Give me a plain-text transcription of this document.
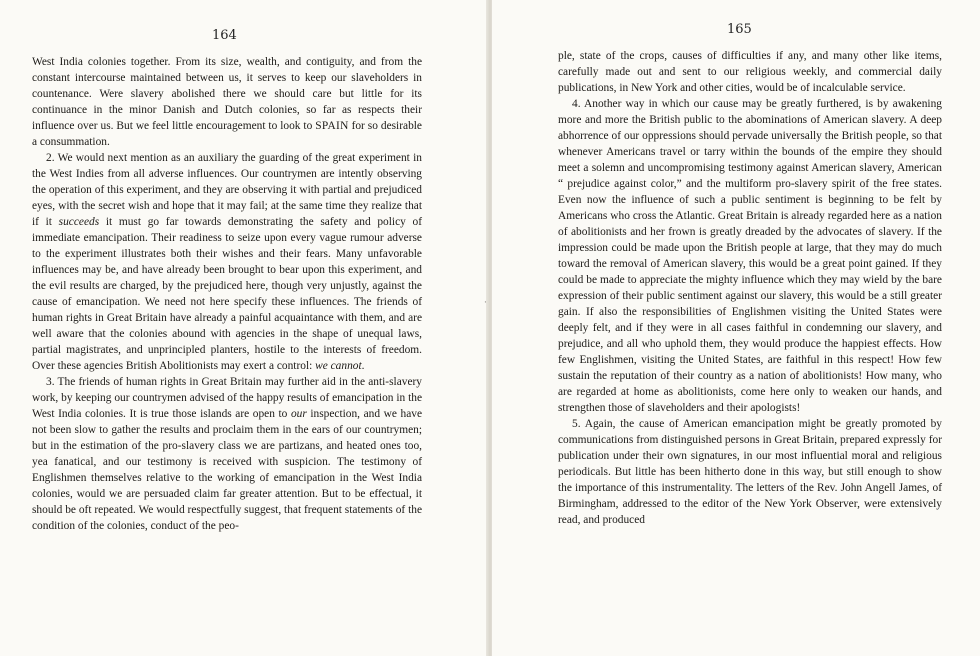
164

West India colonies together. From its size, wealth, and contiguity, and from the constant intercourse maintained between us, it serves to keep our slaveholders in countenance. Were slavery abolished there we should care but little for its continuance in the minor Danish and Dutch colonies, so far as respects their influence over us. But we feel little encouragement to look to SPAIN for so desirable a consummation.

2. We would next mention as an auxiliary the guarding of the great experiment in the West Indies from all adverse influences. Our countrymen are intently observing the operation of this experiment, and they are observing it with partial and prejudiced eyes, with the secret wish and hope that it may fail; at the same time they realize that if it succeeds it must go far towards demonstrating the safety and policy of immediate emancipation. Their readiness to seize upon every vague rumour adverse to the experiment illustrates both their wishes and their fears. Many unfavorable influences may be, and have already been brought to bear upon this experiment, and the evil results are charged, by the prejudiced here, though very unjustly, against the cause of emancipation. We need not here specify these influences. The friends of human rights in Great Britain have already a painful acquaintance with them, and are well aware that the colonies abound with agencies in the shape of unequal laws, partial magistrates, and unprincipled planters, hostile to the interests of freedom. Over these agencies British Abolitionists may exert a control: we cannot.

3. The friends of human rights in Great Britain may further aid in the anti-slavery work, by keeping our countrymen advised of the happy results of emancipation in the West India colonies. It is true those islands are open to our inspection, and we have not been slow to gather the results and proclaim them in the ears of our countrymen; but in the estimation of the pro-slavery class we are partizans, and heated ones too, yea fanatical, and our testimony is received with suspicion. The testimony of Englishmen themselves relative to the working of emancipation in the West India colonies, would we are persuaded claim far greater attention. But to be effectual, it should be oft repeated. We would respectfully suggest, that frequent statements of the condition of the colonies, conduct of the peo-

·
165

ple, state of the crops, causes of difficulties if any, and many other like items, carefully made out and sent to our religious weekly, and commercial daily publications, in New York and other cities, would be of incalculable service.

4. Another way in which our cause may be greatly furthered, is by awakening more and more the British public to the abominations of American slavery. A deep abhorrence of our oppressions should pervade universally the British people, so that whenever Americans travel or tarry within the bounds of the empire they should meet a solemn and uncompromising testimony against American slavery, American “ prejudice against color,” and the multiform pro-slavery spirit of the free states. Even now the influence of such a public sentiment is beginning to be felt by Americans who cross the Atlantic. Great Britain is already regarded here as a nation of abolitionists and her frown is greatly dreaded by the advocates of slavery. If the impression could be made upon the British people at large, that they may do much toward the removal of American slavery, this would be a great point gained. If they could be made to appreciate the mighty influence which they may wield by the bare expression of their public sentiment against our slavery, this would be a still greater gain. If also the responsibilities of Englishmen visiting the United States were deeply felt, and if they were in all cases faithful in condemning our slavery, and prejudice, and all who uphold them, they would produce the happiest effects. How few Englishmen, visiting the United States, are faithful in this respect! How few sustain the reputation of their country as a nation of abolitionists! How many, who are regarded at home as abolitionists, come here only to weaken our hands, and strengthen those of slaveholders and their apologists!

5. Again, the cause of American emancipation might be greatly promoted by communications from distinguished persons in Great Britain, prepared expressly for publication under their own signatures, in our most influential moral and religious periodicals. But little has been hitherto done in this way, but still enough to show the importance of this instrumentality. The letters of the Rev. John Angell James, of Birmingham, addressed to the editor of the New York Observer, were extensively read, and produced
